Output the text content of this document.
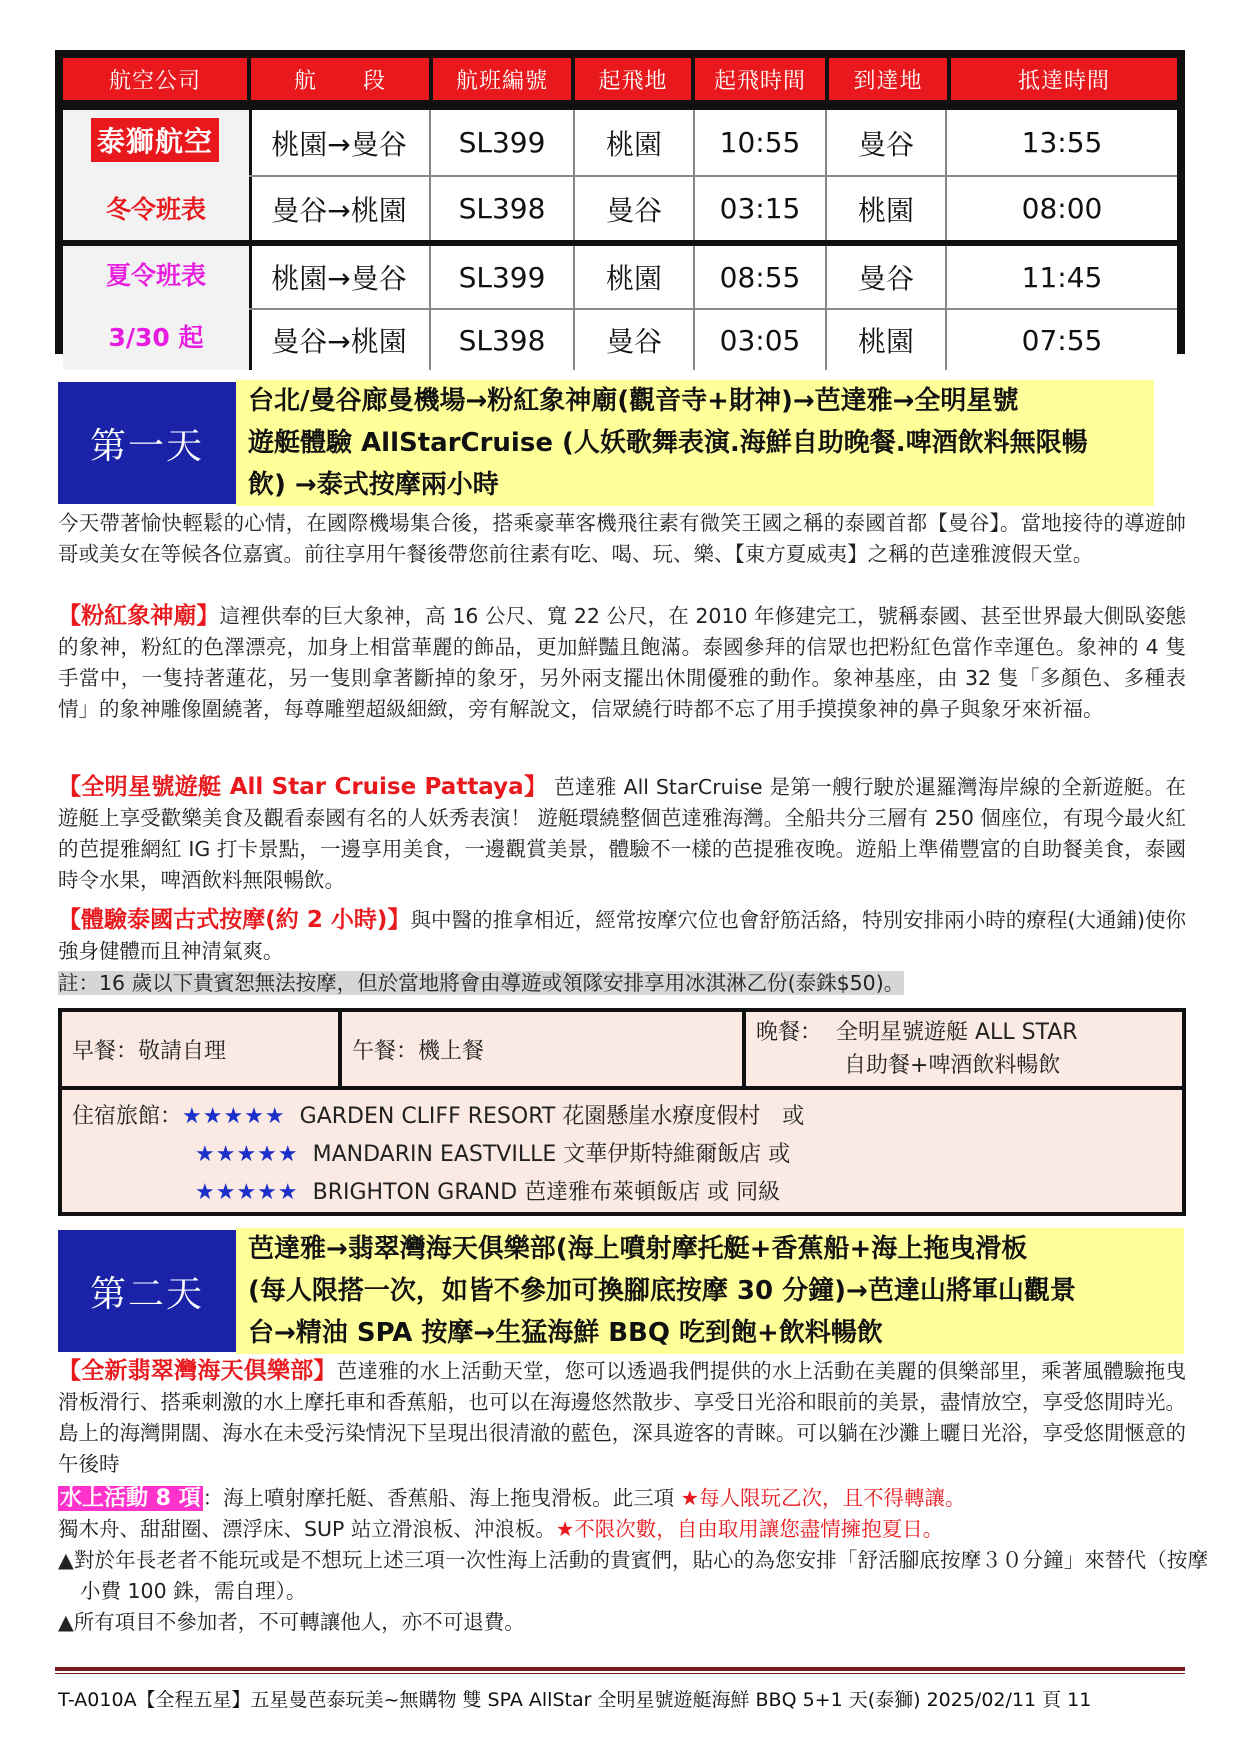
航空公司	航　　段	航班編號	起飛地	起飛時間	到達地	抵達時間
泰獅航空
冬令班表
桃園→曼谷	SL399	桃園	10:55	曼谷	13:55
曼谷→桃園	SL398	曼谷	03:15	桃園	08:00
夏令班表
3/30 起
桃園→曼谷	SL399	桃園	08:55	曼谷	11:45
曼谷→桃園	SL398	曼谷	03:05	桃園	07:55
第一天
台北/曼谷廊曼機場→粉紅象神廟(觀音寺+財神)→芭達雅→全明星號
遊艇體驗 AllStarCruise (人妖歌舞表演.海鮮自助晚餐.啤酒飲料無限暢
飲) →泰式按摩兩小時

今天帶著愉快輕鬆的心情，在國際機場集合後，搭乘豪華客機飛往素有微笑王國之稱的泰國首都【曼谷】。當地接待的導遊帥哥或美女在等候各位嘉賓。前往享用午餐後帶您前往素有吃、喝、玩、樂、【東方夏威夷】之稱的芭達雅渡假天堂。

【粉紅象神廟】這裡供奉的巨大象神，高 16 公尺、寬 22 公尺，在 2010 年修建完工，號稱泰國、甚至世界最大側臥姿態的象神，粉紅的色澤漂亮，加身上相當華麗的飾品，更加鮮豔且飽滿。泰國參拜的信眾也把粉紅色當作幸運色。象神的 4 隻手當中，一隻持著蓮花，另一隻則拿著斷掉的象牙，另外兩支擺出休閒優雅的動作。象神基座，由 32 隻「多顏色、多種表情」的象神雕像圍繞著，每尊雕塑超級細緻，旁有解說文，信眾繞行時都不忘了用手摸摸象神的鼻子與象牙來祈福。

【全明星號遊艇 All Star Cruise Pattaya】 芭達雅 All StarCruise 是第一艘行駛於暹羅灣海岸線的全新遊艇。在遊艇上享受歡樂美食及觀看泰國有名的人妖秀表演！ 遊艇環繞整個芭達雅海灣。全船共分三層有 250 個座位，有現今最火紅的芭提雅網紅 IG 打卡景點，一邊享用美食，一邊觀賞美景，體驗不一樣的芭提雅夜晚。遊船上準備豐富的自助餐美食，泰國時令水果，啤酒飲料無限暢飲。

【體驗泰國古式按摩(約 2 小時)】與中醫的推拿相近，經常按摩穴位也會舒筋活絡，特別安排兩小時的療程(大通鋪)使你強身健體而且神清氣爽。

註：16 歲以下貴賓恕無法按摩，但於當地將會由導遊或領隊安排享用冰淇淋乙份(泰銖$50)。

早餐：敬請自理	午餐：機上餐
晚餐： 全明星號遊艇 ALL STAR
自助餐+啤酒飲料暢飲
住宿旅館：★★★★★ GARDEN CLIFF RESORT 花園懸崖水療度假村　或
★★★★★ MANDARIN EASTVILLE 文華伊斯特維爾飯店 或
★★★★★ BRIGHTON GRAND 芭達雅布萊頓飯店 或 同級
第二天
芭達雅→翡翠灣海天俱樂部(海上噴射摩托艇+香蕉船+海上拖曳滑板
(每人限搭一次，如皆不參加可換腳底按摩 30 分鐘)→芭達山將軍山觀景
台→精油 SPA 按摩→生猛海鮮 BBQ 吃到飽+飲料暢飲

【全新翡翠灣海天俱樂部】芭達雅的水上活動天堂，您可以透過我們提供的水上活動在美麗的俱樂部里，乘著風體驗拖曳滑板滑行、搭乘刺激的水上摩托車和香蕉船，也可以在海邊悠然散步、享受日光浴和眼前的美景，盡情放空，享受悠閒時光。島上的海灣開闊、海水在未受污染情況下呈現出很清澈的藍色，深具遊客的青睞。可以躺在沙灘上曬日光浴，享受悠閒愜意的午後時

水上活動 8 項：海上噴射摩托艇、香蕉船、海上拖曳滑板。此三項 ★每人限玩乙次，且不得轉讓。
獨木舟、甜甜圈、漂浮床、SUP 站立滑浪板、沖浪板。★不限次數，自由取用讓您盡情擁抱夏日。

▲對於年長老者不能玩或是不想玩上述三項一次性海上活動的貴賓們，貼心的為您安排「舒活腳底按摩３０分鐘」來替代（按摩小費 100 銖，需自理）。

▲所有項目不參加者，不可轉讓他人，亦不可退費。

T-A010A【全程五星】五星曼芭泰玩美~無購物 雙 SPA AllStar 全明星號遊艇海鮮 BBQ 5+1 天(泰獅) 2025/02/11 頁 11
